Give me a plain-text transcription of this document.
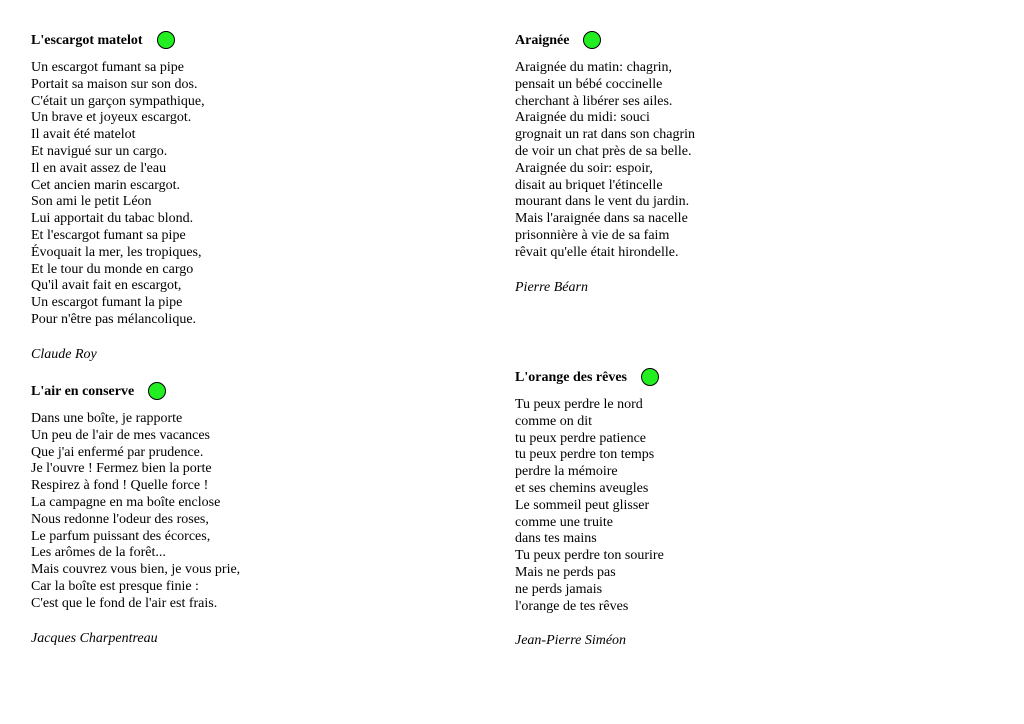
L'escargot matelot
Un escargot fumant sa pipe
Portait sa maison sur son dos.
C'était un garçon sympathique,
Un brave et joyeux escargot.
Il avait été matelot
Et navigué sur un cargo.
Il en avait assez de l'eau
Cet ancien marin escargot.
Son ami le petit Léon
Lui apportait du tabac blond.
Et l'escargot fumant sa pipe
Évoquait la mer, les tropiques,
Et le tour du monde en cargo
Qu'il avait fait en escargot,
Un escargot fumant la pipe
Pour n'être pas mélancolique.
Claude Roy
L'air en conserve
Dans une boîte, je rapporte
Un peu de l'air de mes vacances
Que j'ai enfermé par prudence.
Je l'ouvre ! Fermez bien la porte
Respirez à fond ! Quelle force !
La campagne en ma boîte enclose
Nous redonne l'odeur des roses,
Le parfum puissant des écorces,
Les arômes de la forêt...
Mais couvrez vous bien, je vous prie,
Car la boîte est presque finie :
C'est que le fond de l'air est frais.
Jacques Charpentreau
Araignée
Araignée du matin: chagrin,
pensait un bébé coccinelle
cherchant à libérer ses ailes.
Araignée du midi: souci
grognait un rat dans son chagrin
de voir un chat près de sa belle.
Araignée du soir: espoir,
disait au briquet l'étincelle
mourant dans le vent du jardin.
Mais l'araignée dans sa nacelle
prisonnière à vie de sa faim
rêvait qu'elle était hirondelle.
Pierre Béarn
L'orange des rêves
Tu peux perdre le nord
comme on dit
tu peux perdre patience
tu peux perdre ton temps
perdre la mémoire
et ses chemins aveugles
Le sommeil peut glisser
comme une truite
dans tes mains
Tu peux perdre ton sourire
Mais ne perds pas
ne perds jamais
l'orange de tes rêves
Jean-Pierre Siméon
